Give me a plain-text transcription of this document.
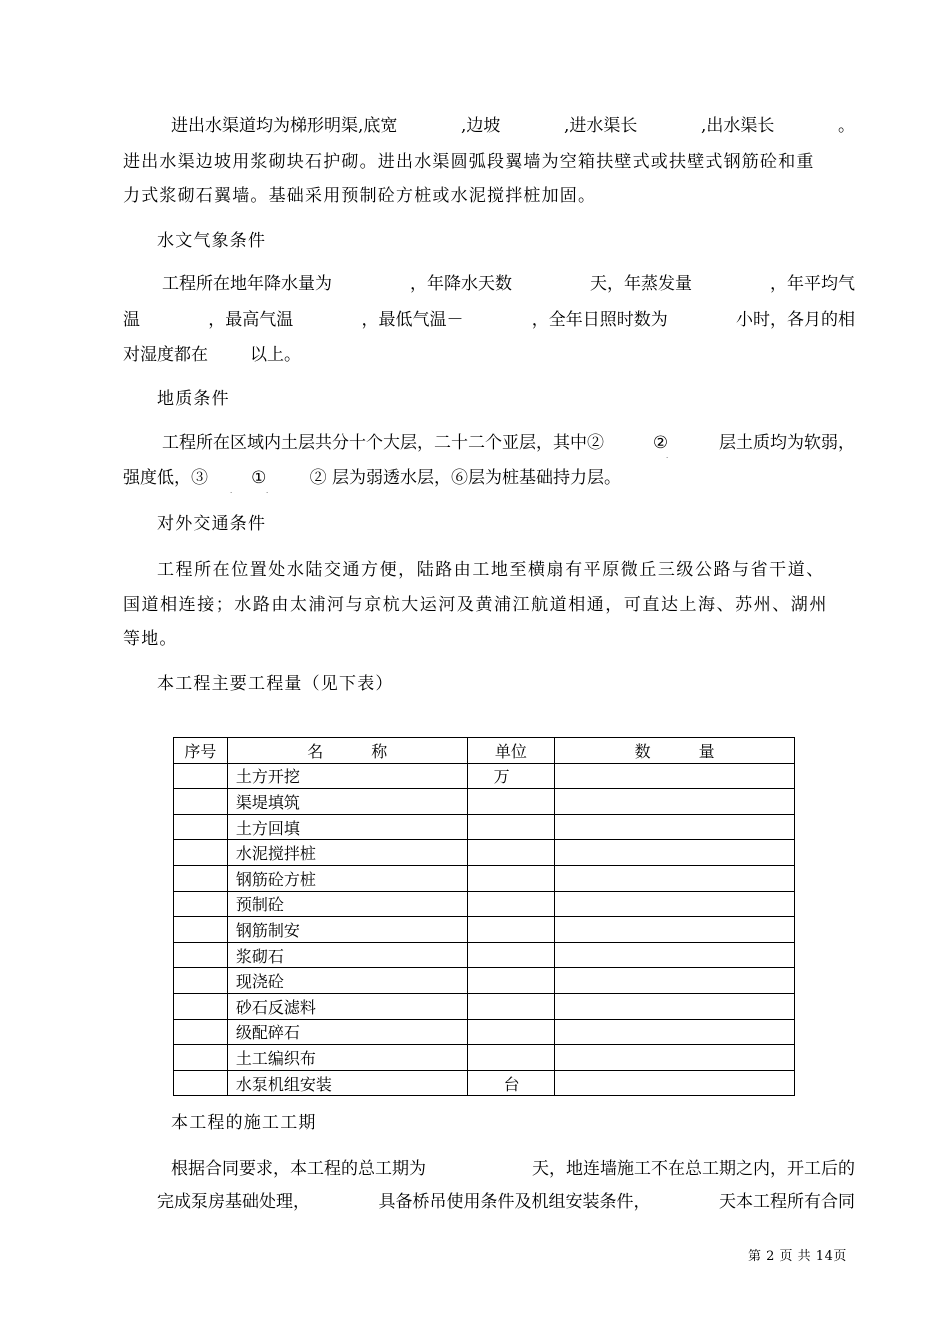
进出水渠道均为梯形明渠,底宽	,边坡	,进水渠长	,出水渠长	。
进出水渠边坡用浆砌块石护砌。进出水渠圆弧段翼墙为空箱扶壁式或扶壁式钢筋砼和重
力式浆砌石翼墙。基础采用预制砼方桩或水泥搅拌桩加固。
水文气象条件
工程所在地年降水量为	，年降水天数	天，年蒸发量	，年平均气
温	，最高气温	，最低气温－	，全年日照时数为	小时，各月的相
对湿度都在 以上。
地质条件
工程所在区域内土层共分十个大层，二十二个亚层，其中②	②	层土质均为软弱，
.
强度低，③	①	② 层为弱透水层，⑥层为桩基础持力层。
.	.
对外交通条件
工程所在位置处水陆交通方便，陆路由工地至横扇有平原微丘三级公路与省干道、
国道相连接；水路由太浦河与京杭大运河及黄浦江航道相通，可直达上海、苏州、湖州
等地。
本工程主要工程量（见下表）
序号	名　　　称	单位	数　　　量
	土方开挖	万	
	渠堤填筑		
	土方回填		
	水泥搅拌桩		
	钢筋砼方桩		
	预制砼		
	钢筋制安		
	浆砌石		
	现浇砼		
	砂石反滤料		
	级配碎石		
	土工编织布		
	水泵机组安装	台	
本工程的施工工期
根据合同要求，本工程的总工期为	天，地连墙施工不在总工期之内，开工后的
完成泵房基础处理，	具备桥吊使用条件及机组安装条件，	天本工程所有合同
第 2 页 共 14页
